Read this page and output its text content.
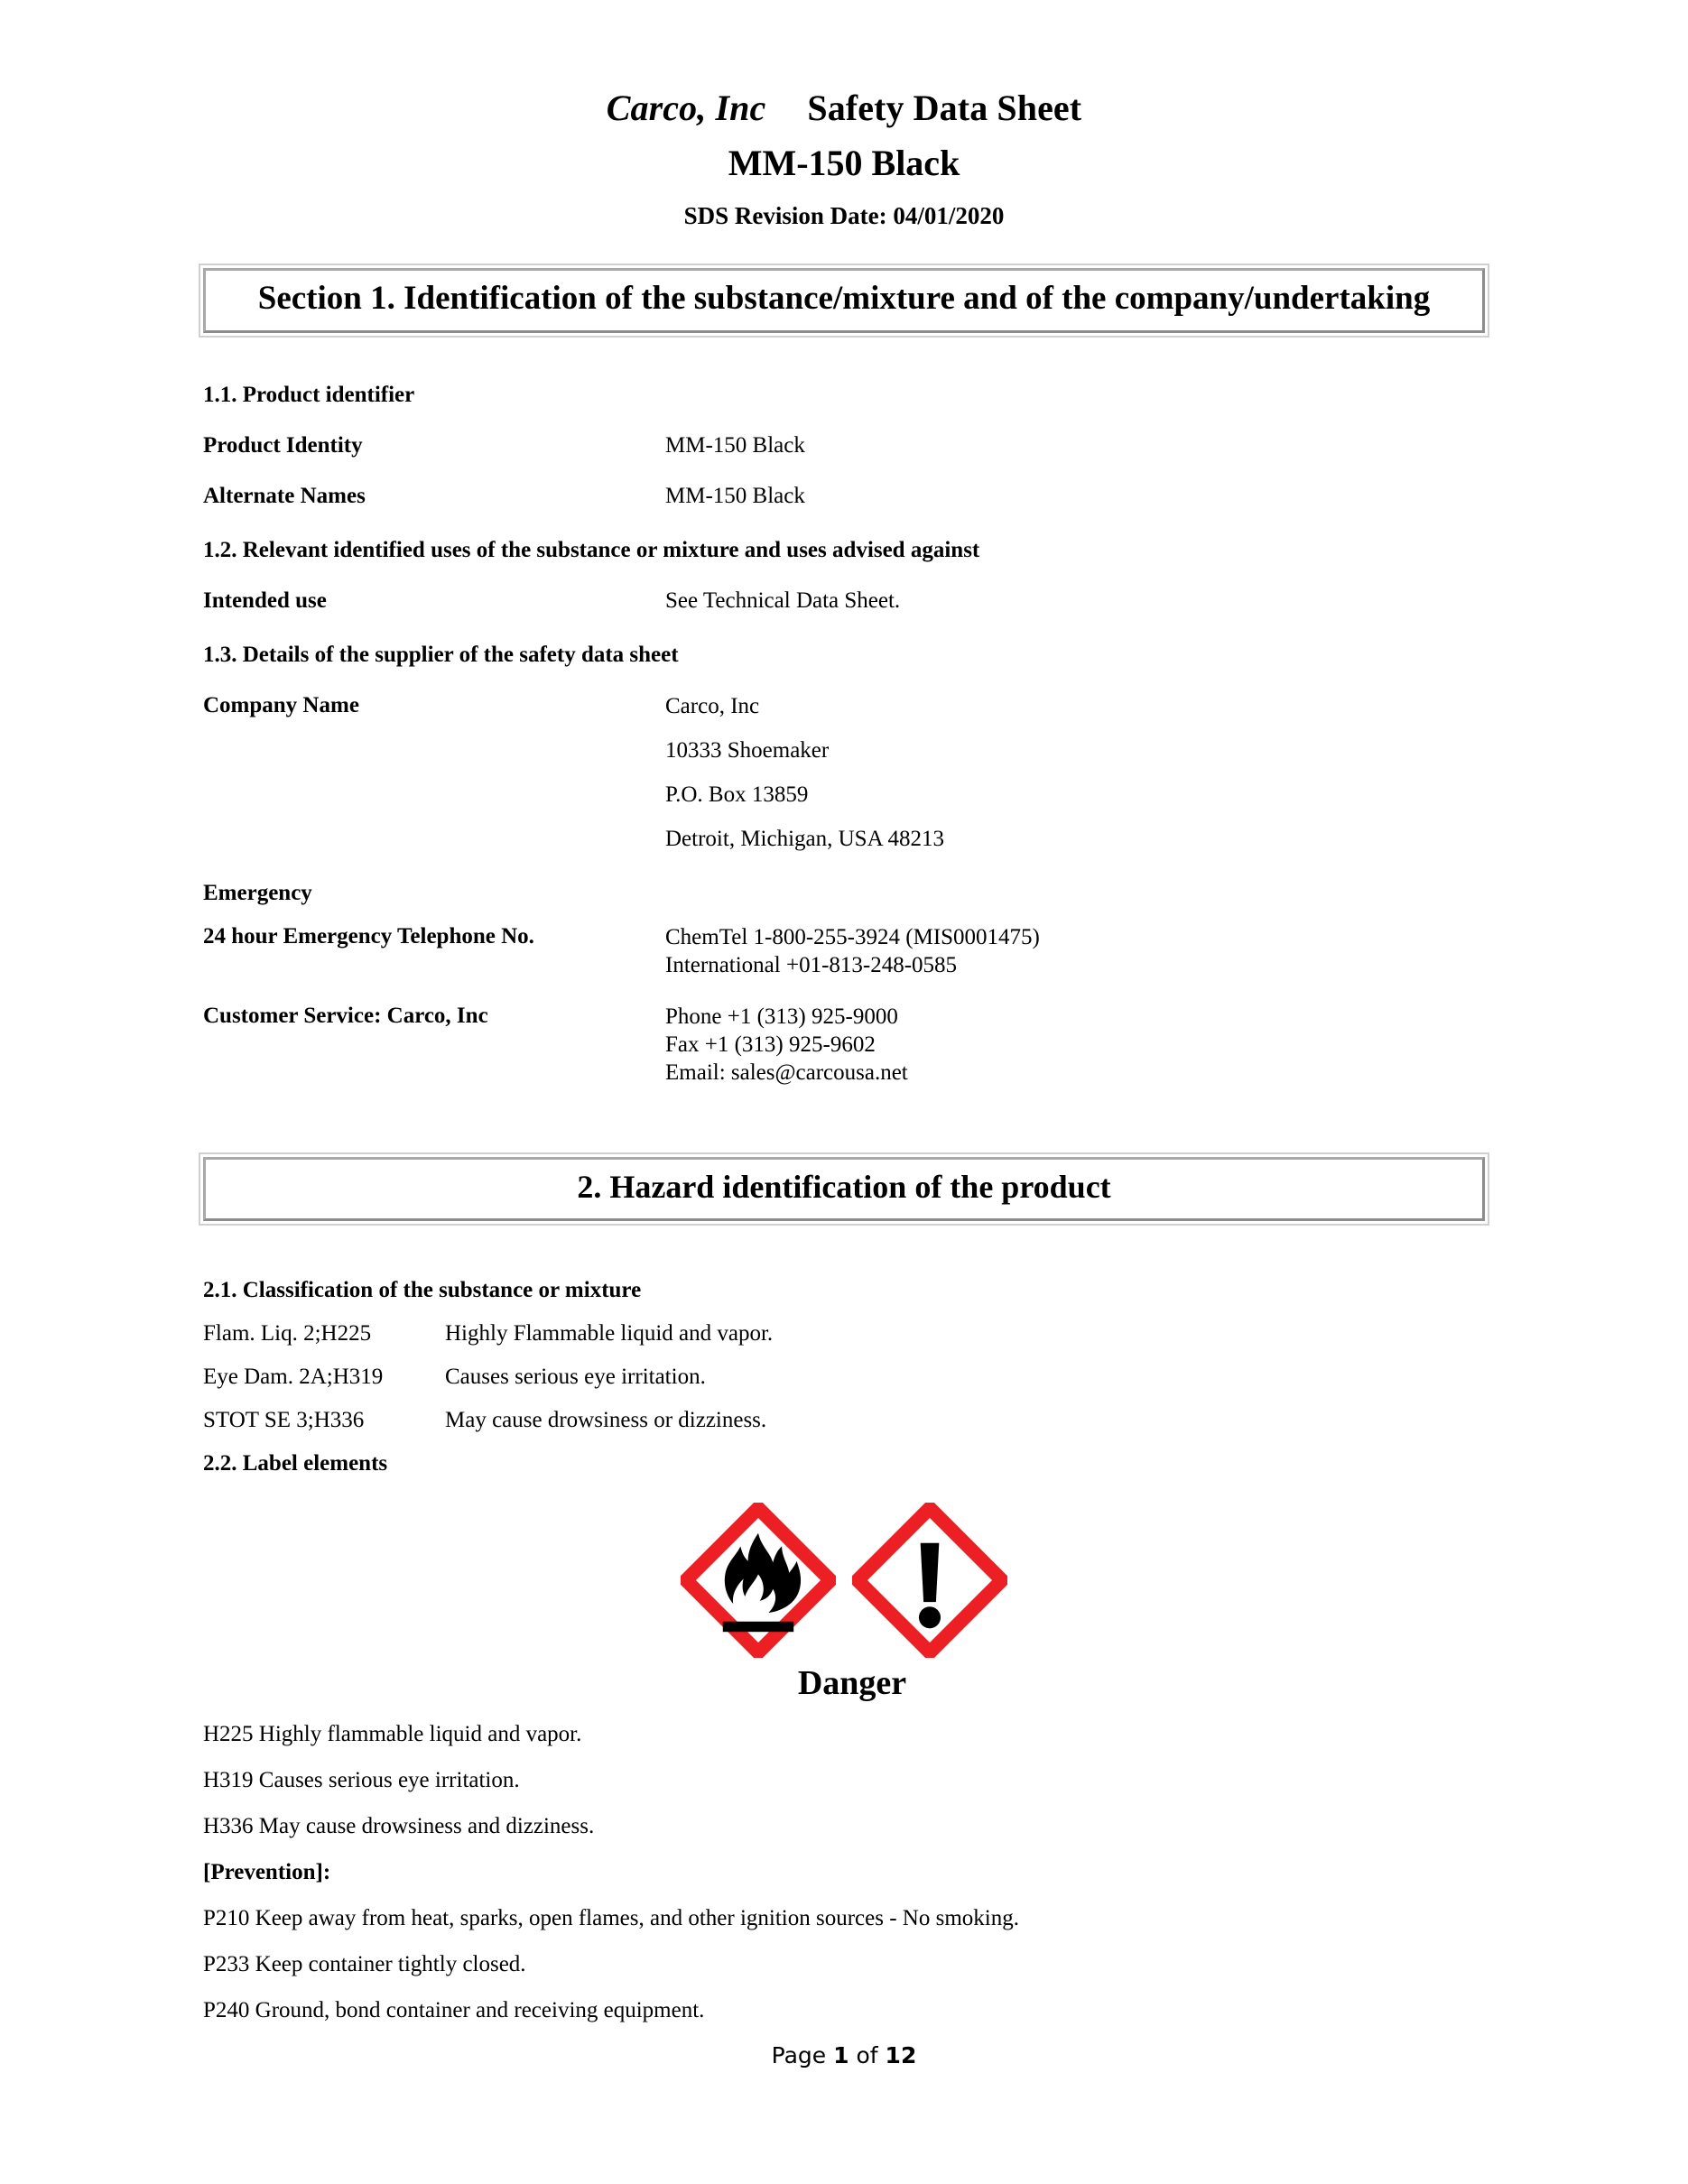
Carco, Inc Safety Data Sheet
MM-150 Black
SDS Revision Date: 04/01/2020
Section 1. Identification of the substance/mixture and of the company/undertaking
1.1. Product identifier
Product Identity	MM-150 Black
Alternate Names	MM-150 Black
1.2. Relevant identified uses of the substance or mixture and uses advised against
Intended use	See Technical Data Sheet.
1.3. Details of the supplier of the safety data sheet
Company Name	Carco, Inc
10333 Shoemaker
P.O. Box 13859
Detroit, Michigan, USA 48213
Emergency
24 hour Emergency Telephone No.	ChemTel 1-800-255-3924 (MIS0001475)
International +01-813-248-0585
Customer Service: Carco, Inc	Phone +1 (313) 925-9000
Fax +1 (313) 925-9602
Email: sales@carcousa.net
2. Hazard identification of the product
2.1. Classification of the substance or mixture
Flam. Liq. 2;H225	Highly Flammable liquid and vapor.
Eye Dam. 2A;H319	Causes serious eye irritation.
STOT SE 3;H336	May cause drowsiness or dizziness.
2.2. Label elements
Danger
H225 Highly flammable liquid and vapor.
H319 Causes serious eye irritation.
H336 May cause drowsiness and dizziness.
[Prevention]:
P210 Keep away from heat, sparks, open flames, and other ignition sources - No smoking.
P233 Keep container tightly closed.
P240 Ground, bond container and receiving equipment.
Page 1 of 12
